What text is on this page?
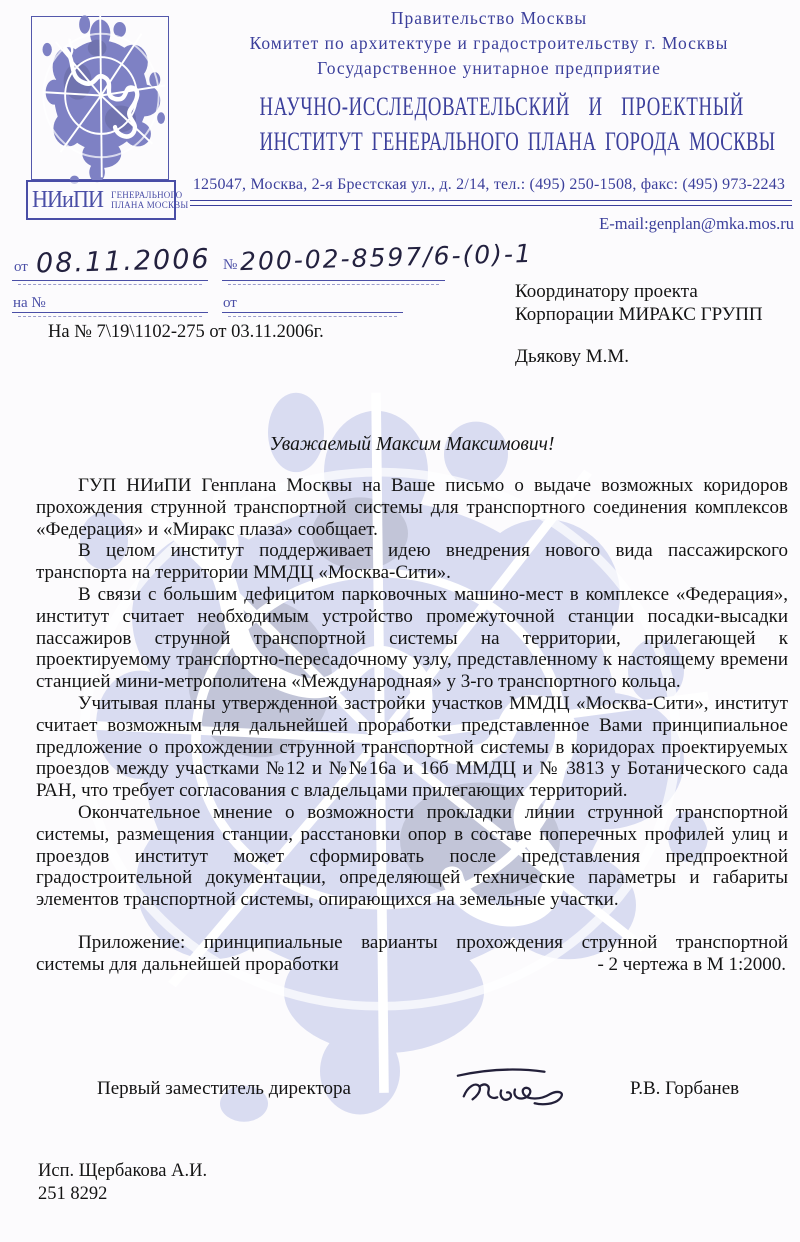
НИиПИ ГЕНЕРАЛЬНОГО
ПЛАНА МОСКВЫ
Правительство Москвы
Комитет по архитектуре и градостроительству г. Москвы
Государственное унитарное предприятие
НАУЧНО-ИССЛЕДОВАТЕЛЬСКИЙ И ПРОЕКТНЫЙ
ИНСТИТУТ ГЕНЕРАЛЬНОГО ПЛАНА ГОРОДА МОСКВЫ
125047, Москва, 2-я Брестская ул., д. 2/14, тел.: (495) 250-1508, факс: (495) 973-2243
E-mail:genplan@mka.mos.ru
от 08.11.2006 № 200-02-8597/6-(0)-1
на №	от
На № 7\19\1102-275 от 03.11.2006г.
Координатору проекта
Корпорации МИРАКС ГРУПП
Дьякову М.М.

Уважаемый Максим Максимович!

ГУП НИиПИ Генплана Москвы на Ваше письмо о выдаче возможных коридоров прохождения струнной транспортной системы для транспортного соединения комплексов «Федерация» и «Миракс плаза» сообщает.

В целом институт поддерживает идею внедрения нового вида пассажирского транспорта на территории ММДЦ «Москва-Сити».

В связи с большим дефицитом парковочных машино-мест в комплексе «Федерация», институт считает необходимым устройство промежуточной станции посадки-высадки пассажиров струнной транспортной системы на территории, прилегающей к проектируемому транспортно-пересадочному узлу, представленному к настоящему времени станцией мини-метрополитена «Международная» у 3-го транспортного кольца.

Учитывая планы утвержденной застройки участков ММДЦ «Москва-Сити», институт считает возможным для дальнейшей проработки представленное Вами принципиальное предложение о прохождении струнной транспортной системы в коридорах проектируемых проездов между участками №12 и №№16а и 16б ММДЦ и № 3813 у Ботанического сада РАН, что требует согласования с владельцами прилегающих территорий.

Окончательное мнение о возможности прокладки линии струнной транспортной системы, размещения станции, расстановки опор в составе поперечных профилей улиц и проездов институт может сформировать после представления предпроектной градостроительной документации, определяющей технические параметры и габариты элементов транспортной системы, опирающихся на земельные участки.

Приложение: принципиальные варианты прохождения струнной транспортной системы для дальнейшей проработки	- 2 чертежа в М 1:2000.

Первый заместитель директора	Р.В. Горбанев
Исп. Щербакова А.И.
251 8292
